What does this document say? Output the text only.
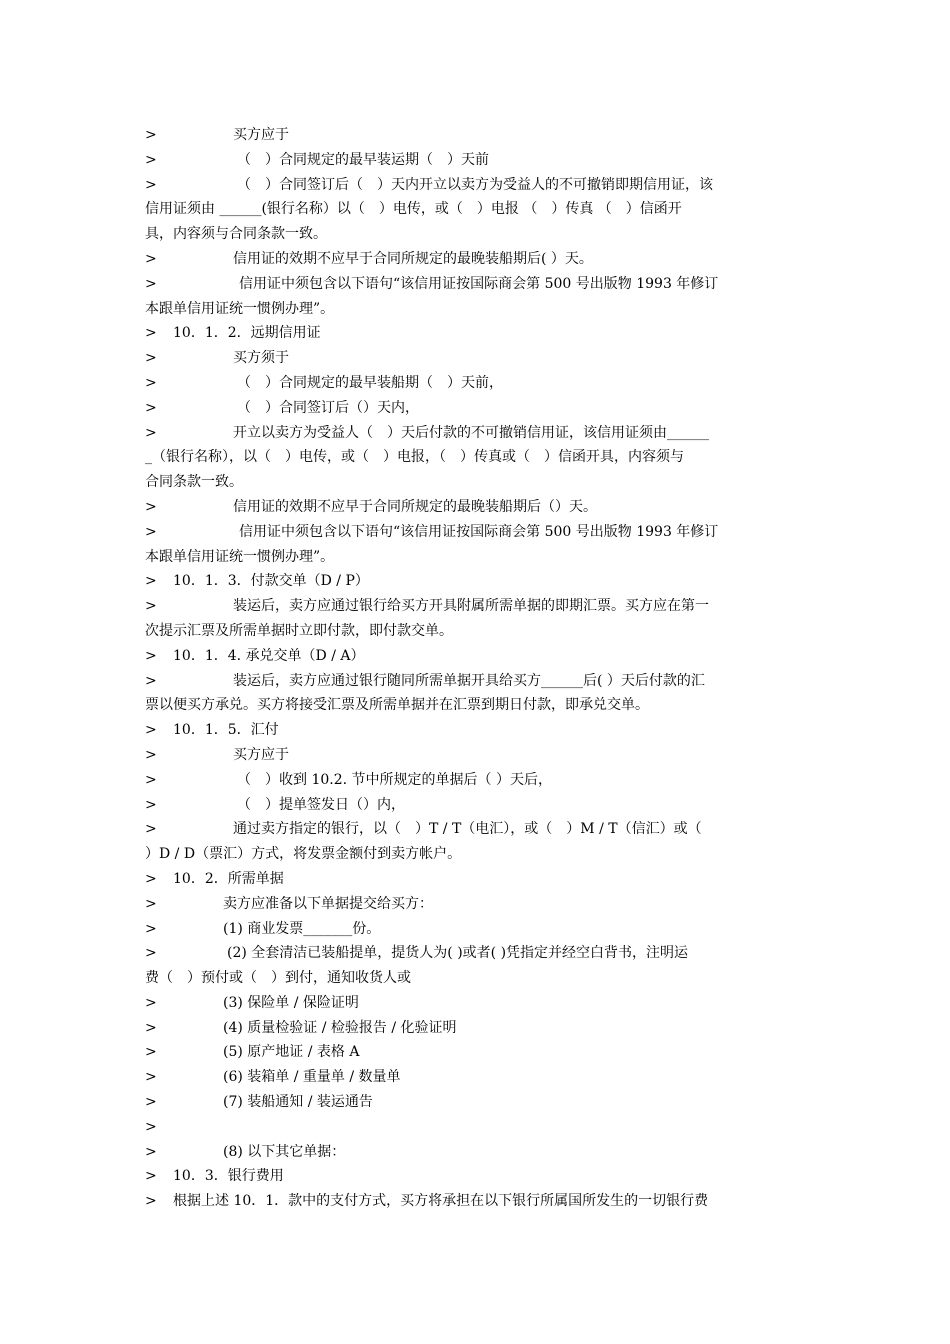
>	买方应于
>	（　）合同规定的最早装运期（　）天前
>	（　）合同签订后（　）天内开立以卖方为受益人的不可撤销即期信用证，该
信用证须由 ______(银行名称）以（　）电传，或（　）电报 （　）传真 （　）信函开
具，内容须与合同条款一致。
>	信用证的效期不应早于合同所规定的最晚装船期后( ）天。
>	信用证中须包含以下语句“该信用证按国际商会第 500 号出版物 1993 年修订
本跟单信用证统一惯例办理”。
> 10．1．2．远期信用证
>	买方须于
>	（　）合同规定的最早装船期（　）天前，
>	（　）合同签订后（）天内，
>	开立以卖方为受益人（　）天后付款的不可撤销信用证，该信用证须由______
_（银行名称），以（　）电传，或（　）电报，（　）传真或（　）信函开具，内容须与
合同条款一致。
>	信用证的效期不应早于合同所规定的最晚装船期后（）天。
>	信用证中须包含以下语句“该信用证按国际商会第 500 号出版物 1993 年修订
本跟单信用证统一惯例办理”。
> 10．1．3．付款交单（D / P）
>	装运后，卖方应通过银行给买方开具附属所需单据的即期汇票。买方应在第一
次提示汇票及所需单据时立即付款，即付款交单。
> 10．1．4. 承兑交单（D / A）
>	装运后，卖方应通过银行随同所需单据开具给买方______后( ）天后付款的汇
票以便买方承兑。买方将接受汇票及所需单据并在汇票到期日付款，即承兑交单。
> 10．1．5．汇付
>	买方应于
>	（　）收到 10.2. 节中所规定的单据后（ ）天后，
>	（　）提单签发日（）内，
>	通过卖方指定的银行，以（　）T / T（电汇），或（　）M / T（信汇）或（
）D / D（票汇）方式，将发票金额付到卖方帐户。
> 10．2．所需单据
>	卖方应准备以下单据提交给买方：
>	(1) 商业发票_______份。
>	(2) 全套清洁已装船提单，提货人为( )或者( )凭指定并经空白背书，注明运
费（　）预付或（　）到付，通知收货人或
>	(3) 保险单 / 保险证明
>	(4) 质量检验证 / 检验报告 / 化验证明
>	(5) 原产地证 / 表格 A
>	(6) 装箱单 / 重量单 / 数量单
>	(7) 装船通知 / 装运通告
>
>	(8) 以下其它单据：
> 10．3．银行费用
> 根据上述 10．1．款中的支付方式，买方将承担在以下银行所属国所发生的一切银行费
